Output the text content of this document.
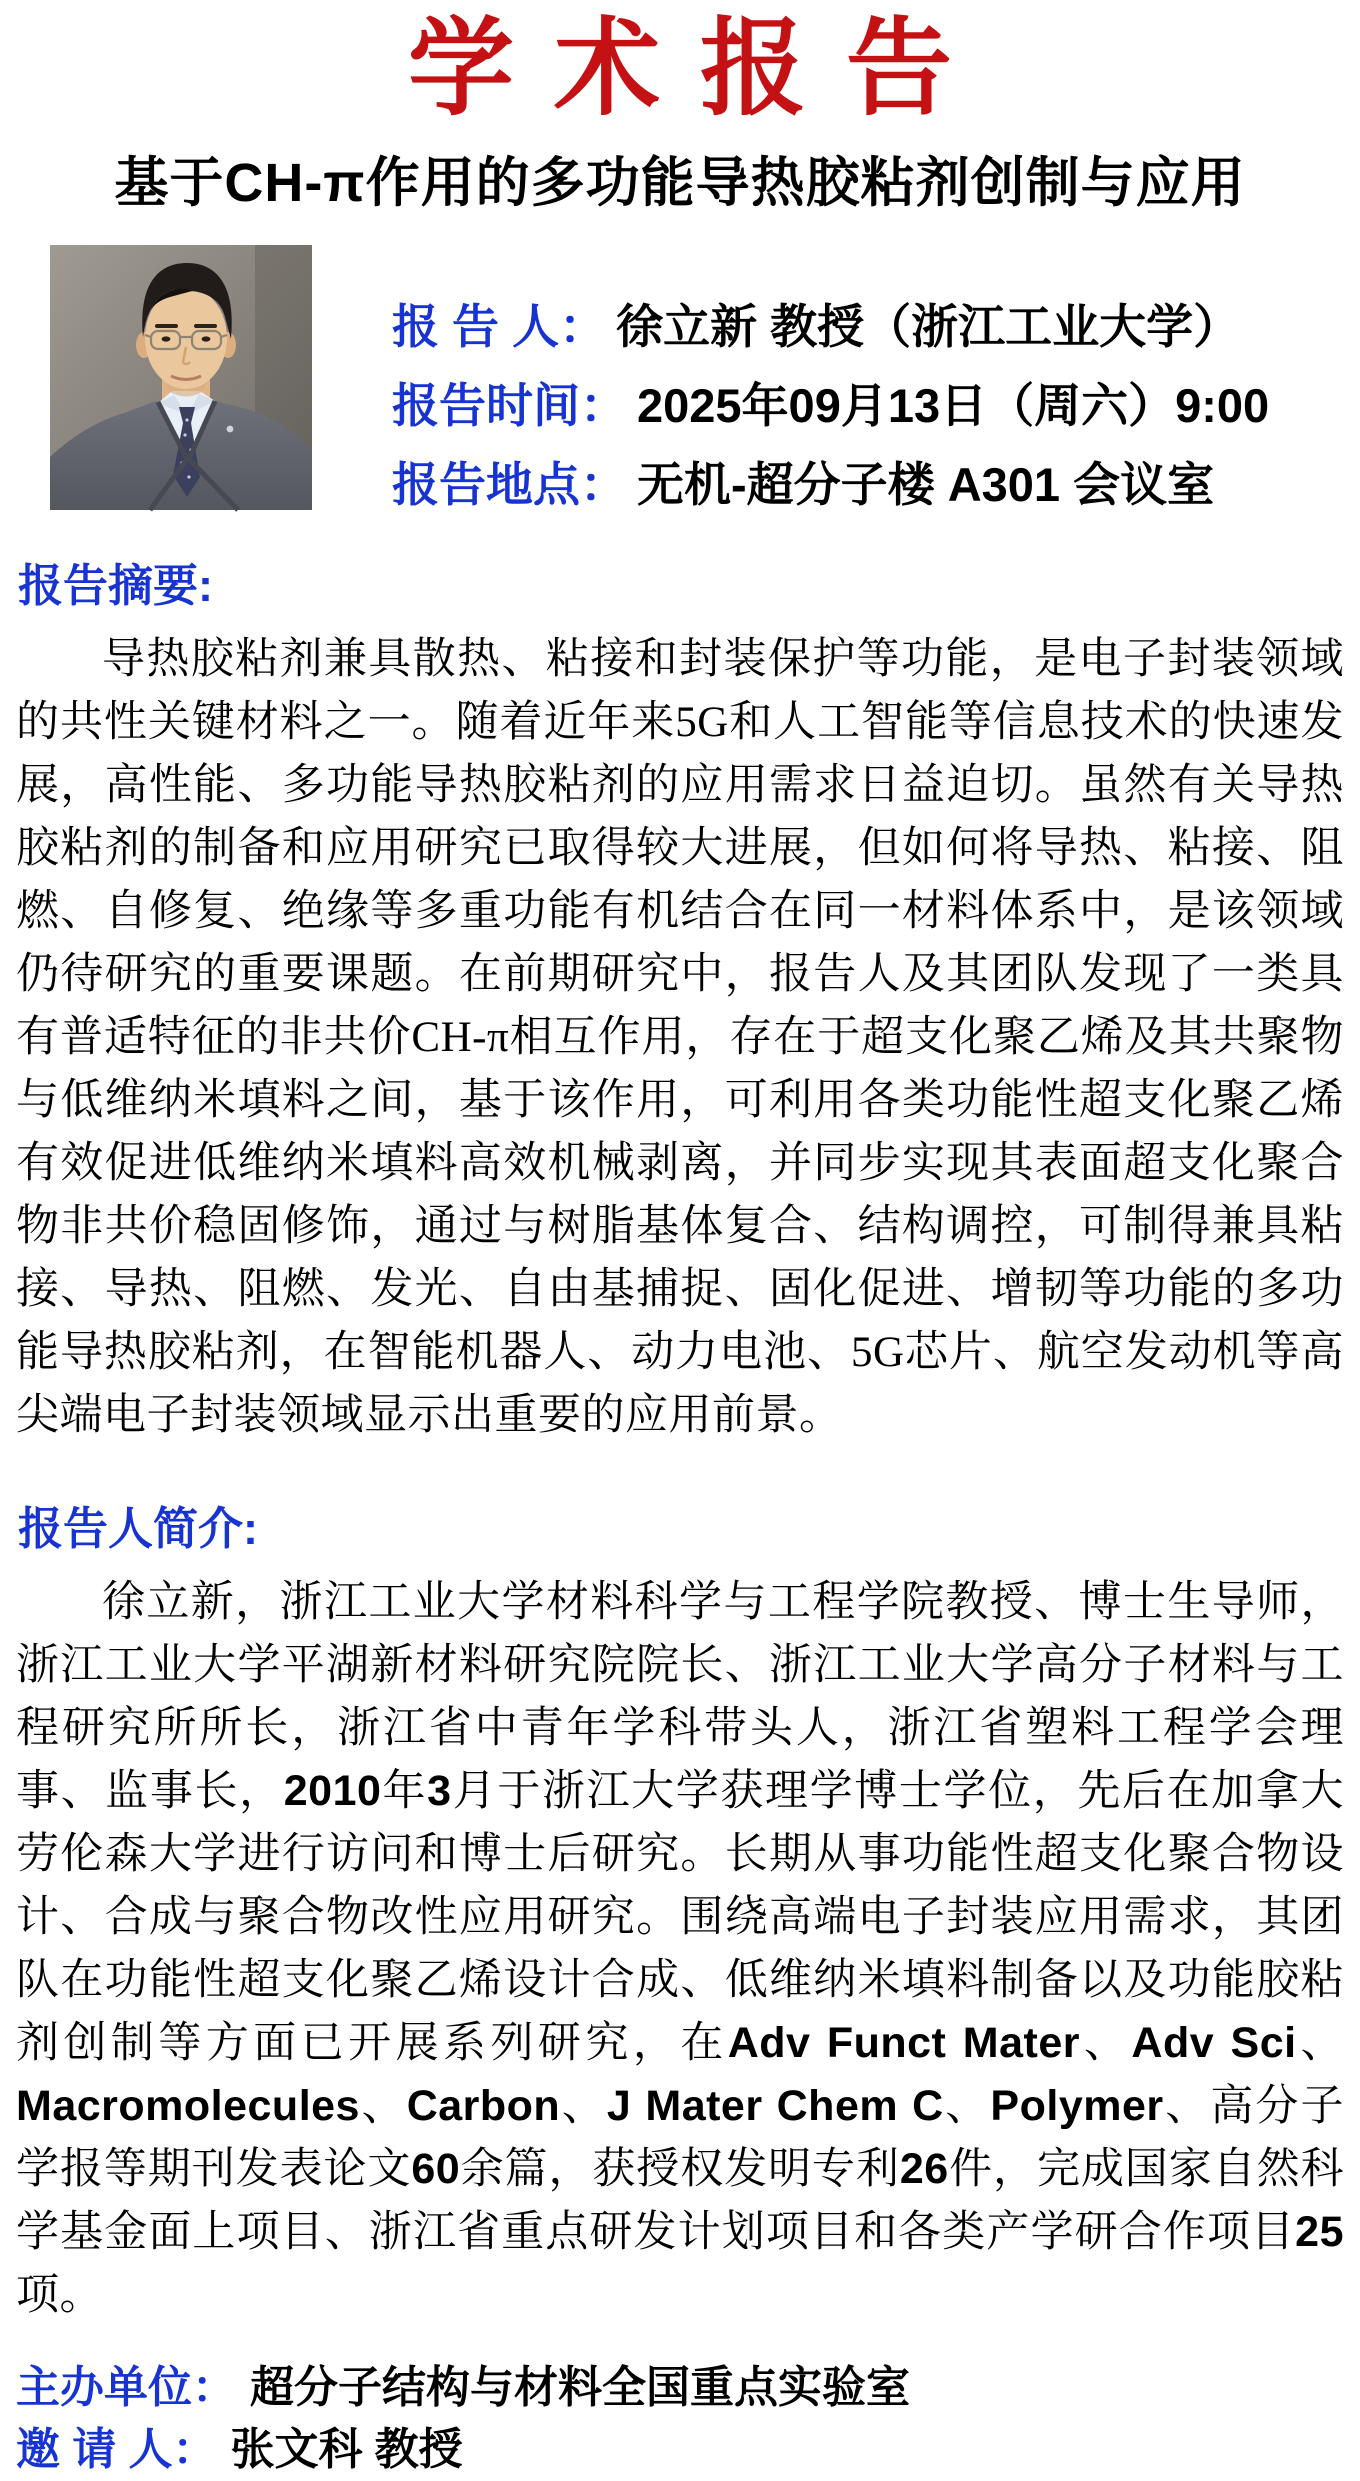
学术报告
基于CH-π作用的多功能导热胶粘剂创制与应用
报 告 人： 徐立新 教授（浙江工业大学）
报告时间： 2025年09月13日（周六）9:00
报告地点： 无机-超分子楼 A301 会议室
报告摘要:
导热胶粘剂兼具散热、粘接和封装保护等功能，是电子封装领域的共性关键材料之一。随着近年来5G和人工智能等信息技术的快速发展，高性能、多功能导热胶粘剂的应用需求日益迫切。虽然有关导热胶粘剂的制备和应用研究已取得较大进展，但如何将导热、粘接、阻燃、自修复、绝缘等多重功能有机结合在同一材料体系中，是该领域仍待研究的重要课题。在前期研究中，报告人及其团队发现了一类具有普适特征的非共价CH-π相互作用，存在于超支化聚乙烯及其共聚物与低维纳米填料之间，基于该作用，可利用各类功能性超支化聚乙烯有效促进低维纳米填料高效机械剥离，并同步实现其表面超支化聚合物非共价稳固修饰，通过与树脂基体复合、结构调控，可制得兼具粘接、导热、阻燃、发光、自由基捕捉、固化促进、增韧等功能的多功能导热胶粘剂，在智能机器人、动力电池、5G芯片、航空发动机等高尖端电子封装领域显示出重要的应用前景。
报告人简介:
徐立新，浙江工业大学材料科学与工程学院教授、博士生导师，浙江工业大学平湖新材料研究院院长、浙江工业大学高分子材料与工程研究所所长，浙江省中青年学科带头人，浙江省塑料工程学会理事、监事长，2010年3月于浙江大学获理学博士学位，先后在加拿大劳伦森大学进行访问和博士后研究。长期从事功能性超支化聚合物设计、合成与聚合物改性应用研究。围绕高端电子封装应用需求，其团队在功能性超支化聚乙烯设计合成、低维纳米填料制备以及功能胶粘剂创制等方面已开展系列研究，在Adv Funct Mater、Adv Sci、Macromolecules、Carbon、J Mater Chem C、Polymer、高分子学报等期刊发表论文60余篇，获授权发明专利26件，完成国家自然科学基金面上项目、浙江省重点研发计划项目和各类产学研合作项目25项。
主办单位： 超分子结构与材料全国重点实验室
邀 请 人： 张文科 教授
